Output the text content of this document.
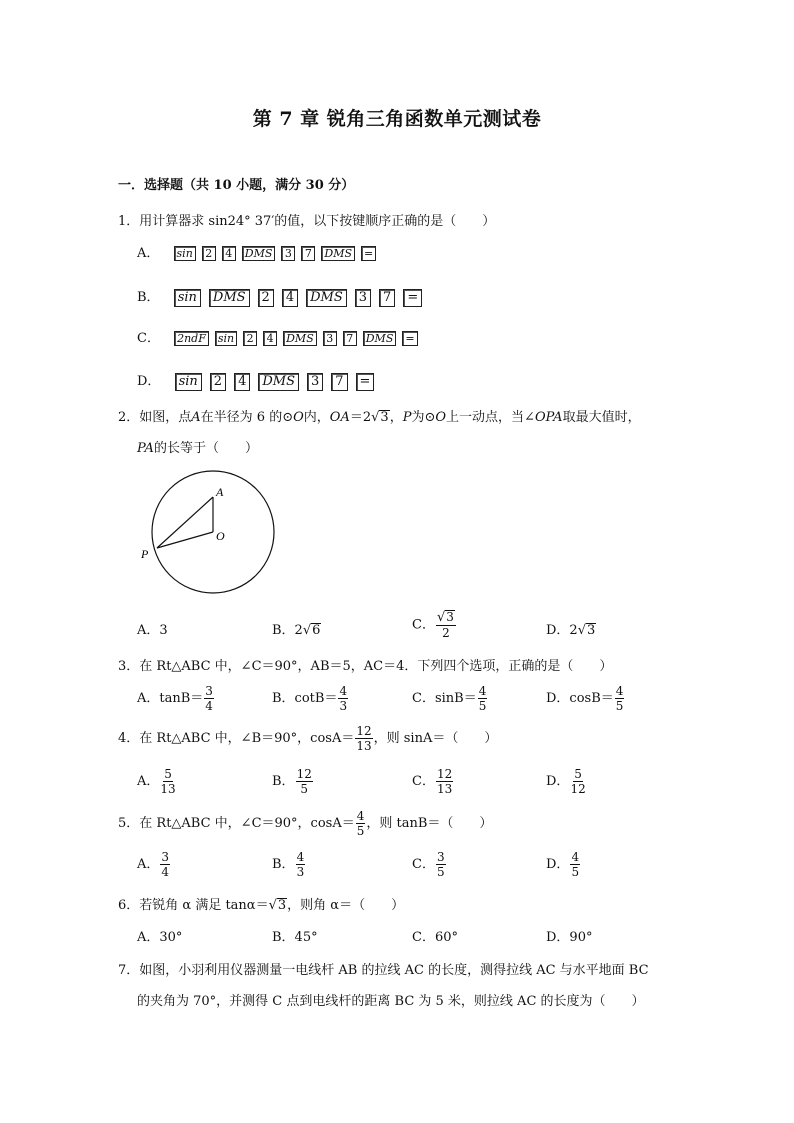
第 7 章 锐角三角函数单元测试卷
一．选择题（共 10 小题，满分 30 分）
1．用计算器求 sin24° 37′的值，以下按键顺序正确的是（　　）
A． sin 2 4 DMS 3 7 DMS =
B． sin DMS 2 4 DMS 3 7 =
C． 2ndF sin 2 4 DMS 3 7 DMS =
D． sin 2 4 DMS 3 7 =
2．如图，点A在半径为 6 的⊙O内，OA＝2√3，P为⊙O上一动点，当∠OPA取最大值时，
PA的长等于（　　）
A
O
P
A．3	B．2√6	C． $\frac{√3}{2}$	D．2√3
3．在 Rt△ABC 中，∠C＝90°，AB＝5，AC＝4．下列四个选项，正确的是（　　）
A．$\tan B= \frac{3}{4}$	B．$\cot B= \frac{4}{3}$	C．$\sin B= \frac{4}{5}$	D．$\cos B= \frac{4}{5}$
4．在 Rt△ABC 中，∠B＝90°，$\cos A= \frac{12}{13}$ ，则 sinA＝（　　）
A． $\frac{5}{13}$	B． $\frac{12}{5}$	C． $\frac{12}{13}$	D． $\frac{5}{12}$
5．在 Rt△ABC 中，∠C＝90°，$\cos A= \frac{4}{5}$ ，则 tanB＝（　　）
A． $\frac{3}{4}$	B． $\frac{4}{3}$	C． $\frac{3}{5}$	D． $\frac{4}{5}$
6．若锐角 α 满足 tanα＝√3，则角 α＝（　　）
A．30°	B．45°	C．60°	D．90°
7．如图，小羽利用仪器测量一电线杆 AB 的拉线 AC 的长度，测得拉线 AC 与水平地面 BC
的夹角为 70°，并测得 C 点到电线杆的距离 BC 为 5 米，则拉线 AC 的长度为（　　）
